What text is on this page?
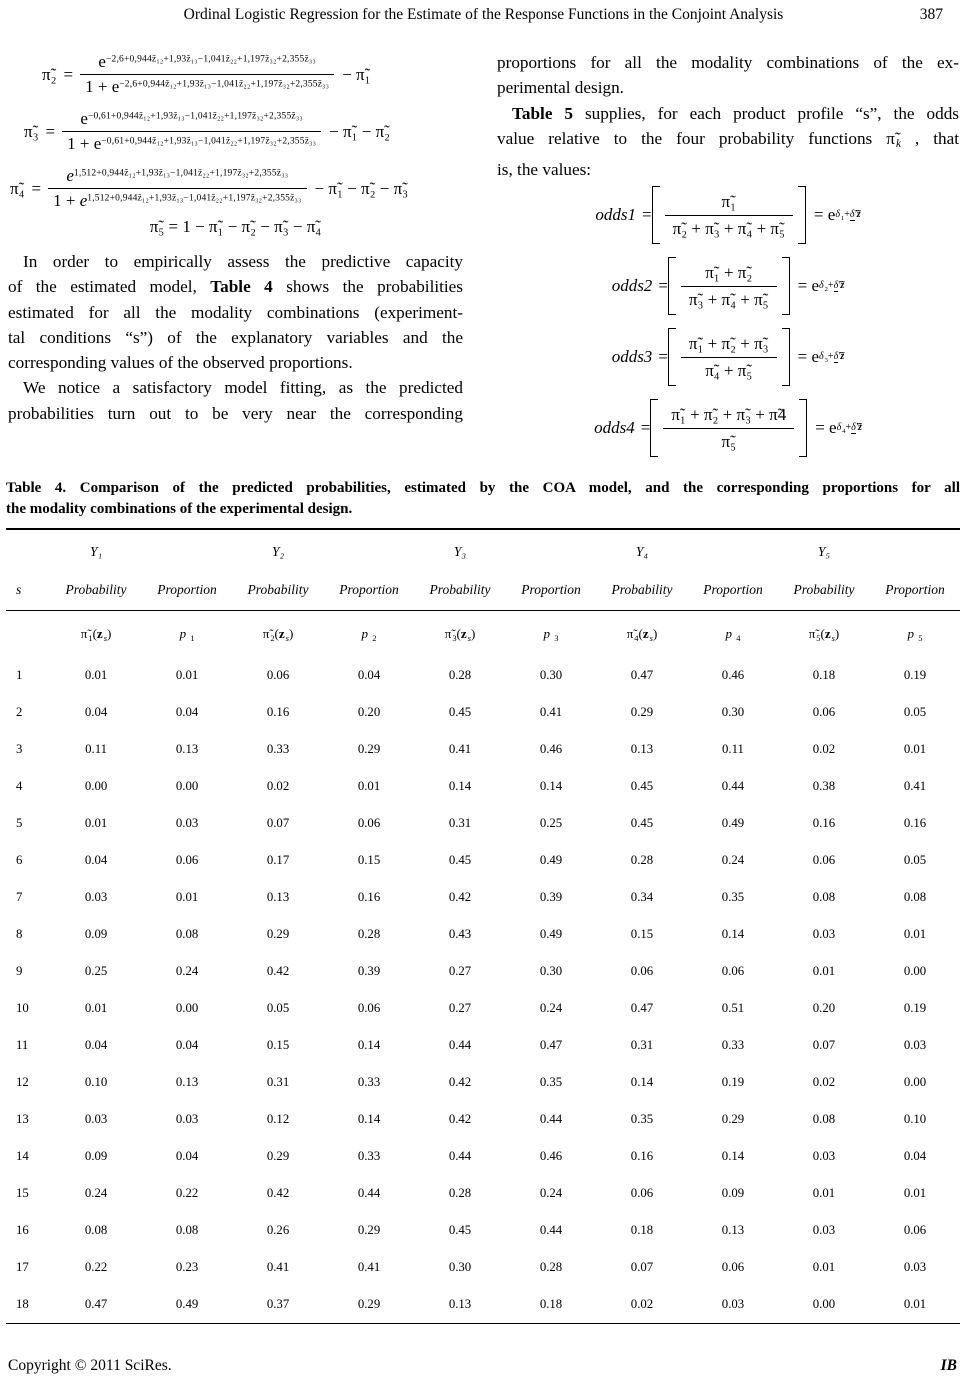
Ordinal Logistic Regression for the Estimate of the Response Functions in the Conjoint Analysis	387
π̃₂ = $\frac{e^{-2,6+0,944z̃_{12}+1,93z̃_{13}-1,041z̃_{22}+1,197z̃_{32}+2,355z̃_{33}}}{1 + e^{-2,6+0,944z̃_{12}+1,93z̃_{13}-1,041z̃_{22}+1,197z̃_{32}+2,355z̃_{33}}}$ − π̃₁
π̃₃ = $\frac{e^{-0,61+0,944z̃_{12}+1,93z̃_{13}-1,041z̃_{22}+1,197z̃_{32}+2,355z̃_{33}}}{1 + e^{-0,61+0,944z̃_{12}+1,93z̃_{13}-1,041z̃_{22}+1,197z̃_{32}+2,355z̃_{33}}}$ − π̃₁ − π̃₂
π̃₄ = $\frac{e^{1,512+0,944z̃_{12}+1,93z̃_{13}-1,041z̃_{22}+1,197z̃_{32}+2,355z̃_{33}}}{1 + e^{1,512+0,944z̃_{12}+1,93z̃_{13}-1,041z̃_{22}+1,197z̃_{32}+2,355z̃_{33}}}$ − π̃₁ − π̃₂ − π̃₃
π̃₅ = 1 − π̃₁ − π̃₂ − π̃₃ − π̃₄
In order to empirically assess the predictive capacity
of the estimated model, Table 4 shows the probabilities
estimated for all the modality combinations (experiment-
tal conditions “s”) of the explanatory variables and the
corresponding values of the observed proportions.
We notice a satisfactory model fitting, as the predicted
probabilities turn out to be very near the corresponding
proportions for all the modality combinations of the ex-
perimental design.
Table 5 supplies, for each product profile “s”, the odds
value relative to the four probability functions π̃k , that
is, the values:
odds1 = $\frac{\text{π̃₁}}{\text{π̃₂ + π̃₃ + π̃₄ + π̃₅}} = e$ $\delta_1+\deltã'z̃$
odds2 = $\frac{\text{π̃₁ + π̃₂}}{\text{π̃₃ + π̃₄ + π̃₅}} = e$ $\delta_2+\deltã'z̃$
odds3 = $\frac{\text{π̃₁ + π̃₂ + π̃₃}}{\text{π̃₄ + π̃₅}} = e$ $\delta_3+\deltã'z̃$
odds4 = $\frac{\text{π̃₁ + π̃₂ + π̃₃ + π̃4}}{\text{π̃₅}} = e$ $\delta_4+\deltã'z̃$
Table 4. Comparison of the predicted probabilities, estimated by the COA model, and the corresponding proportions for all
the modality combinations of the experimental design.
	Y₁		Y₂		Y₃		Y₄		Y₅	
s	Probability	Proportion	Probability	Proportion	Probability	Proportion	Probability	Proportion	Probability	Proportion
	$\pĩ_1(z_s)$	p $_1$	$\pĩ_2(z_s)$	p $_2$	$\pĩ_3(z_s)$	p $_3$	$\pĩ_4(z_s)$	p $_4$	$\pĩ_5(z_s)$	p $_5$
1	0.01	0.01	0.06	0.04	0.28	0.30	0.47	0.46	0.18	0.19
2	0.04	0.04	0.16	0.20	0.45	0.41	0.29	0.30	0.06	0.05
3	0.11	0.13	0.33	0.29	0.41	0.46	0.13	0.11	0.02	0.01
4	0.00	0.00	0.02	0.01	0.14	0.14	0.45	0.44	0.38	0.41
5	0.01	0.03	0.07	0.06	0.31	0.25	0.45	0.49	0.16	0.16
6	0.04	0.06	0.17	0.15	0.45	0.49	0.28	0.24	0.06	0.05
7	0.03	0.01	0.13	0.16	0.42	0.39	0.34	0.35	0.08	0.08
8	0.09	0.08	0.29	0.28	0.43	0.49	0.15	0.14	0.03	0.01
9	0.25	0.24	0.42	0.39	0.27	0.30	0.06	0.06	0.01	0.00
10	0.01	0.00	0.05	0.06	0.27	0.24	0.47	0.51	0.20	0.19
11	0.04	0.04	0.15	0.14	0.44	0.47	0.31	0.33	0.07	0.03
12	0.10	0.13	0.31	0.33	0.42	0.35	0.14	0.19	0.02	0.00
13	0.03	0.03	0.12	0.14	0.42	0.44	0.35	0.29	0.08	0.10
14	0.09	0.04	0.29	0.33	0.44	0.46	0.16	0.14	0.03	0.04
15	0.24	0.22	0.42	0.44	0.28	0.24	0.06	0.09	0.01	0.01
16	0.08	0.08	0.26	0.29	0.45	0.44	0.18	0.13	0.03	0.06
17	0.22	0.23	0.41	0.41	0.30	0.28	0.07	0.06	0.01	0.03
18	0.47	0.49	0.37	0.29	0.13	0.18	0.02	0.03	0.00	0.01
Copyright © 2011 SciRes.	IB
